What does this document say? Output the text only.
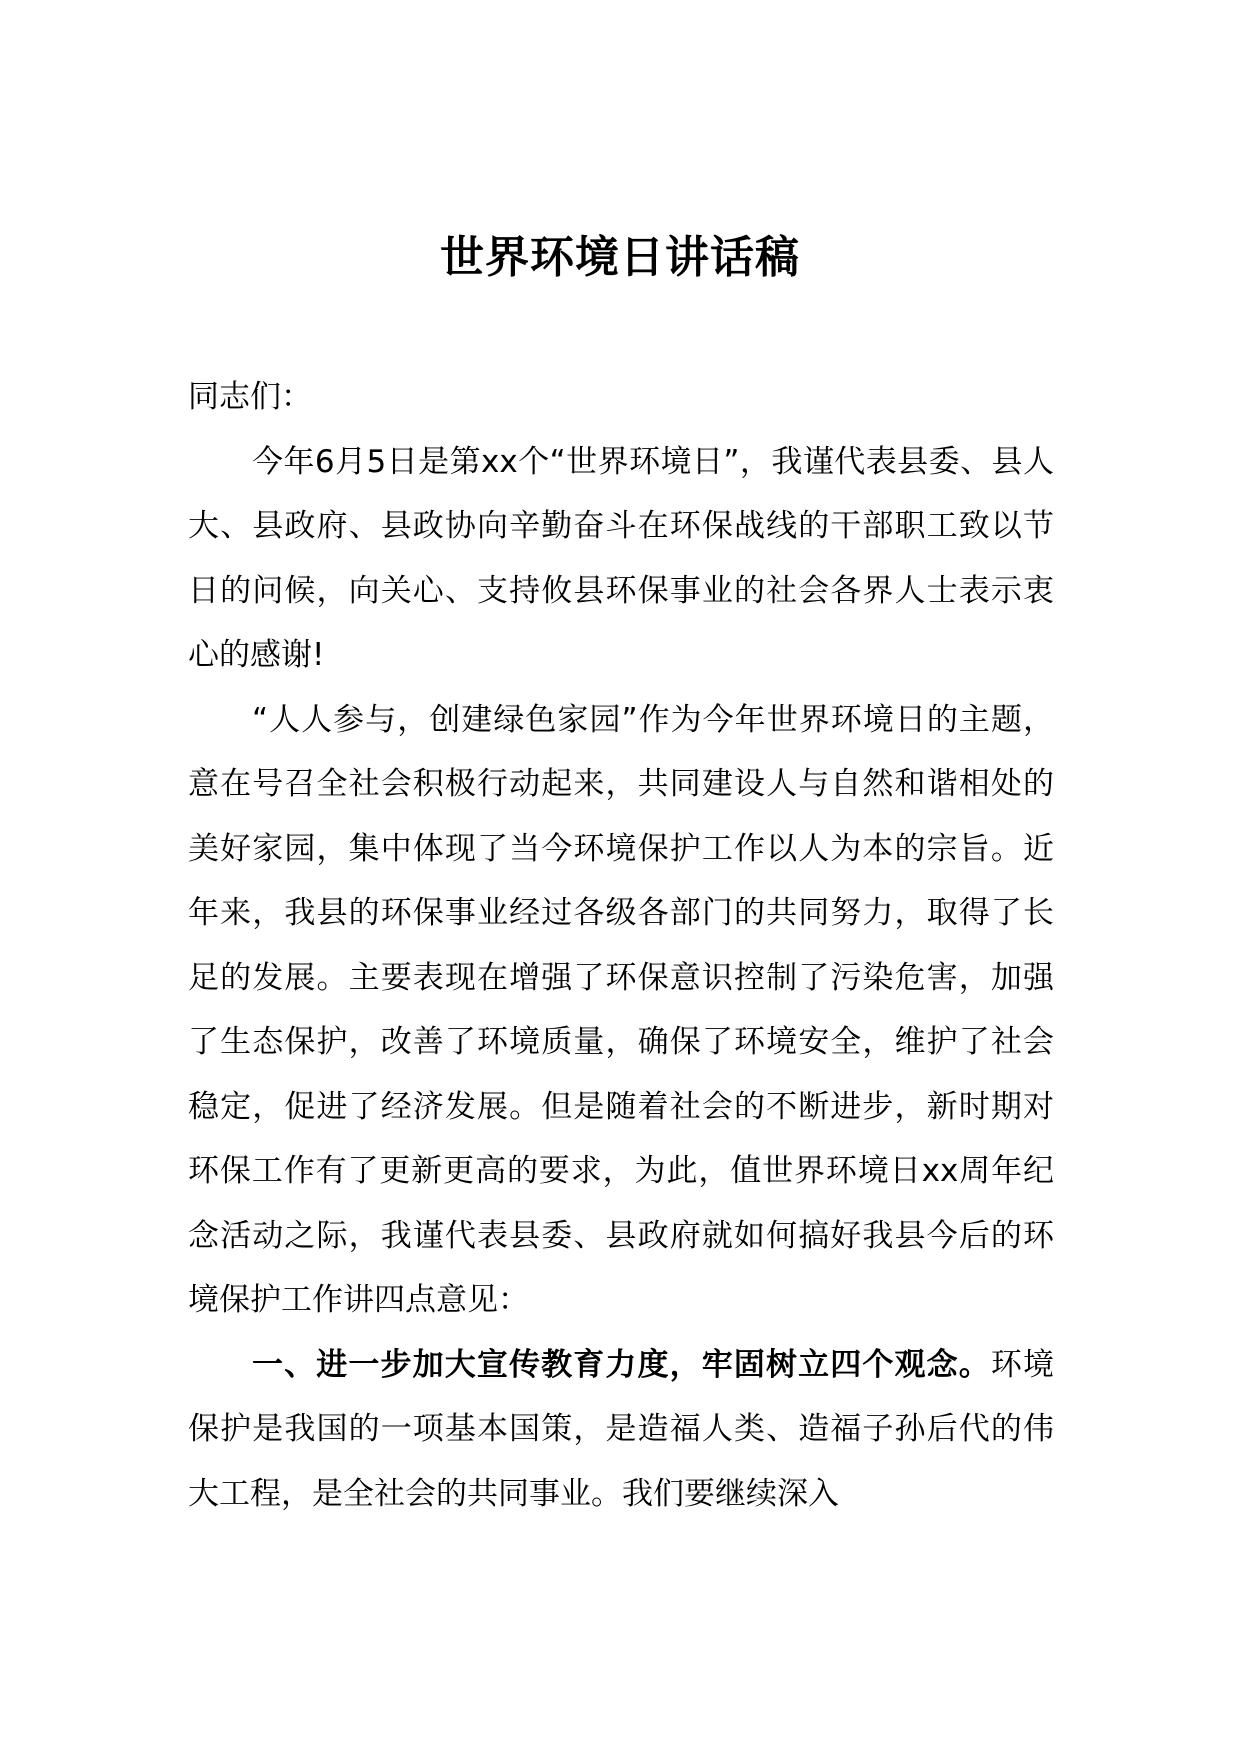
世界环境日讲话稿

同志们：

今年6月5日是第xx个“世界环境日”，我谨代表县委、县人大、县政府、县政协向辛勤奋斗在环保战线的干部职工致以节日的问候，向关心、支持攸县环保事业的社会各界人士表示衷心的感谢!

“人人参与，创建绿色家园”作为今年世界环境日的主题，意在号召全社会积极行动起来，共同建设人与自然和谐相处的美好家园，集中体现了当今环境保护工作以人为本的宗旨。近年来，我县的环保事业经过各级各部门的共同努力，取得了长足的发展。主要表现在增强了环保意识控制了污染危害，加强了生态保护，改善了环境质量，确保了环境安全，维护了社会稳定，促进了经济发展。但是随着社会的不断进步，新时期对环保工作有了更新更高的要求，为此，值世界环境日xx周年纪念活动之际，我谨代表县委、县政府就如何搞好我县今后的环境保护工作讲四点意见：

一、进一步加大宣传教育力度，牢固树立四个观念。环境保护是我国的一项基本国策，是造福人类、造福子孙后代的伟大工程，是全社会的共同事业。我们要继续深入
